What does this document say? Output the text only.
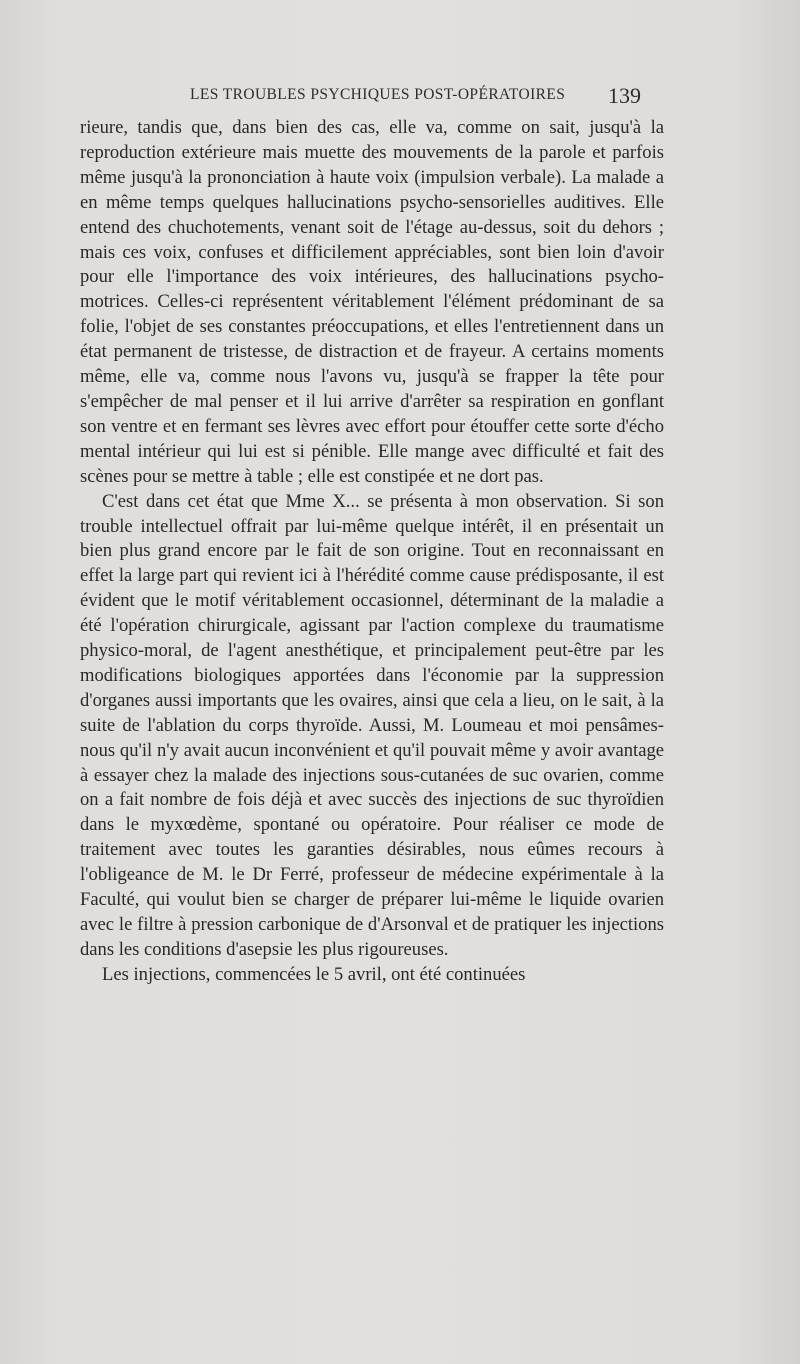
LES TROUBLES PSYCHIQUES POST-OPÉRATOIRES	139

rieure, tandis que, dans bien des cas, elle va, comme on sait, jusqu'à la reproduction extérieure mais muette des mouvements de la parole et parfois même jusqu'à la prononciation à haute voix (impulsion verbale). La malade a en même temps quelques hallucinations psycho-sensorielles auditives. Elle entend des chuchotements, venant soit de l'étage au-dessus, soit du dehors ; mais ces voix, confuses et difficilement appréciables, sont bien loin d'avoir pour elle l'importance des voix intérieures, des hallucinations psycho-motrices. Celles-ci représentent véritablement l'élément prédominant de sa folie, l'objet de ses constantes préoccupations, et elles l'entretiennent dans un état permanent de tristesse, de distraction et de frayeur. A certains moments même, elle va, comme nous l'avons vu, jusqu'à se frapper la tête pour s'empêcher de mal penser et il lui arrive d'arrêter sa respiration en gonflant son ventre et en fermant ses lèvres avec effort pour étouffer cette sorte d'écho mental intérieur qui lui est si pénible. Elle mange avec difficulté et fait des scènes pour se mettre à table ; elle est constipée et ne dort pas.

C'est dans cet état que Mme X... se présenta à mon observation. Si son trouble intellectuel offrait par lui-même quelque intérêt, il en présentait un bien plus grand encore par le fait de son origine. Tout en reconnaissant en effet la large part qui revient ici à l'hérédité comme cause prédisposante, il est évident que le motif véritablement occasionnel, déterminant de la maladie a été l'opération chirurgicale, agissant par l'action complexe du traumatisme physico-moral, de l'agent anesthétique, et principalement peut-être par les modifications biologiques apportées dans l'économie par la suppression d'organes aussi importants que les ovaires, ainsi que cela a lieu, on le sait, à la suite de l'ablation du corps thyroïde. Aussi, M. Loumeau et moi pensâmes-nous qu'il n'y avait aucun inconvénient et qu'il pouvait même y avoir avantage à essayer chez la malade des injections sous-cutanées de suc ovarien, comme on a fait nombre de fois déjà et avec succès des injections de suc thyroïdien dans le myxœdème, spontané ou opératoire. Pour réaliser ce mode de traitement avec toutes les garanties désirables, nous eûmes recours à l'obligeance de M. le Dr Ferré, professeur de médecine expérimentale à la Faculté, qui voulut bien se charger de préparer lui-même le liquide ovarien avec le filtre à pression carbonique de d'Arsonval et de pratiquer les injections dans les conditions d'asepsie les plus rigoureuses.

Les injections, commencées le 5 avril, ont été continuées
